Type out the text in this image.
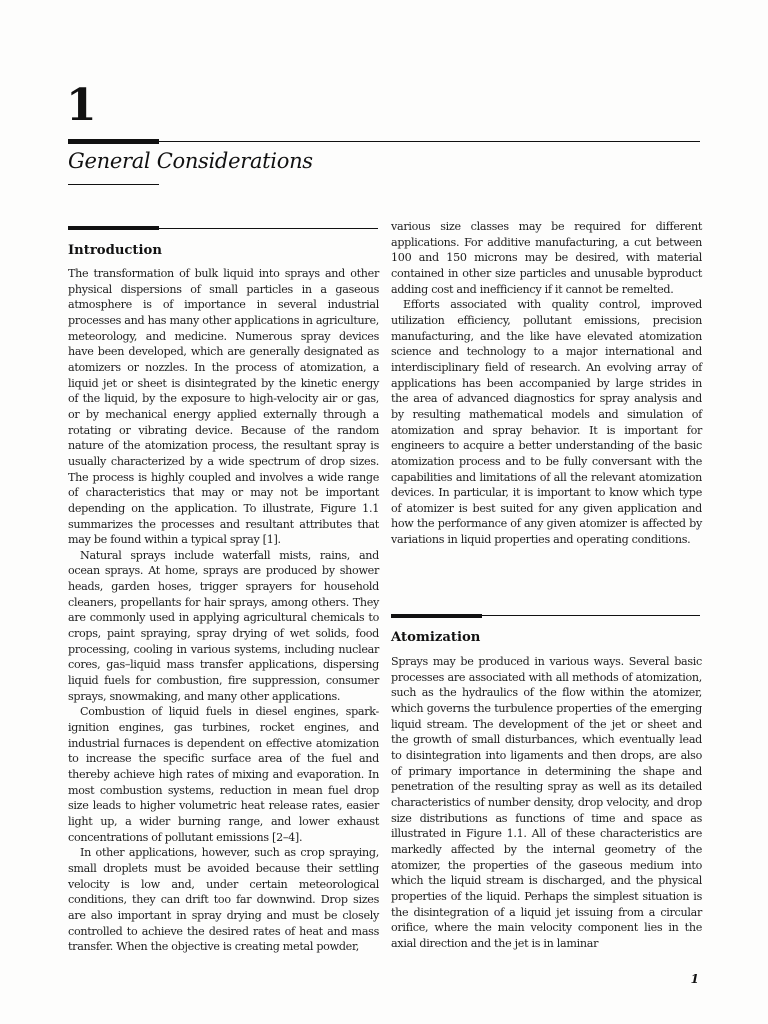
1
General Considerations
Introduction

The transformation of bulk liquid into sprays and other physical dispersions of small particles in a gaseous atmosphere is of importance in several industrial processes and has many other applications in agriculture, meteorology, and medicine. Numerous spray devices have been developed, which are generally designated as atomizers or nozzles. In the process of atomization, a liquid jet or sheet is disintegrated by the kinetic energy of the liquid, by the exposure to high-velocity air or gas, or by mechanical energy applied externally through a rotating or vibrating device. Because of the random nature of the atomization process, the resultant spray is usually characterized by a wide spectrum of drop sizes. The process is highly coupled and involves a wide range of characteristics that may or may not be important depending on the application. To illustrate, Figure 1.1 summarizes the processes and resultant attributes that may be found within a typical spray [1].

Natural sprays include waterfall mists, rains, and ocean sprays. At home, sprays are produced by shower heads, garden hoses, trigger sprayers for household cleaners, propellants for hair sprays, among others. They are commonly used in applying agricultural chemicals to crops, paint spraying, spray drying of wet solids, food processing, cooling in various systems, including nuclear cores, gas–liquid mass transfer applications, dispersing liquid fuels for combustion, fire suppression, consumer sprays, snowmaking, and many other applications.

Combustion of liquid fuels in diesel engines, spark-ignition engines, gas turbines, rocket engines, and industrial furnaces is dependent on effective atomization to increase the specific surface area of the fuel and thereby achieve high rates of mixing and evaporation. In most combustion systems, reduction in mean fuel drop size leads to higher volumetric heat release rates, easier light up, a wider burning range, and lower exhaust concentrations of pollutant emissions [2–4].

In other applications, however, such as crop spraying, small droplets must be avoided because their settling velocity is low and, under certain meteorological conditions, they can drift too far downwind. Drop sizes are also important in spray drying and must be closely controlled to achieve the desired rates of heat and mass transfer. When the objective is creating metal powder,

various size classes may be required for different applications. For additive manufacturing, a cut between 100 and 150 microns may be desired, with material contained in other size particles and unusable byproduct adding cost and inefficiency if it cannot be remelted.

Efforts associated with quality control, improved utilization efficiency, pollutant emissions, precision manufacturing, and the like have elevated atomization science and technology to a major international and interdisciplinary field of research. An evolving array of applications has been accompanied by large strides in the area of advanced diagnostics for spray analysis and by resulting mathematical models and simulation of atomization and spray behavior. It is important for engineers to acquire a better understanding of the basic atomization process and to be fully conversant with the capabilities and limitations of all the relevant atomization devices. In particular, it is important to know which type of atomizer is best suited for any given application and how the performance of any given atomizer is affected by variations in liquid properties and operating conditions.

Atomization

Sprays may be produced in various ways. Several basic processes are associated with all methods of atomization, such as the hydraulics of the flow within the atomizer, which governs the turbulence properties of the emerging liquid stream. The development of the jet or sheet and the growth of small disturbances, which eventually lead to disintegration into ligaments and then drops, are also of primary importance in determining the shape and penetration of the resulting spray as well as its detailed characteristics of number density, drop velocity, and drop size distributions as functions of time and space as illustrated in Figure 1.1. All of these characteristics are markedly affected by the internal geometry of the atomizer, the properties of the gaseous medium into which the liquid stream is discharged, and the physical properties of the liquid. Perhaps the simplest situation is the disintegration of a liquid jet issuing from a circular orifice, where the main velocity component lies in the axial direction and the jet is in laminar

1
